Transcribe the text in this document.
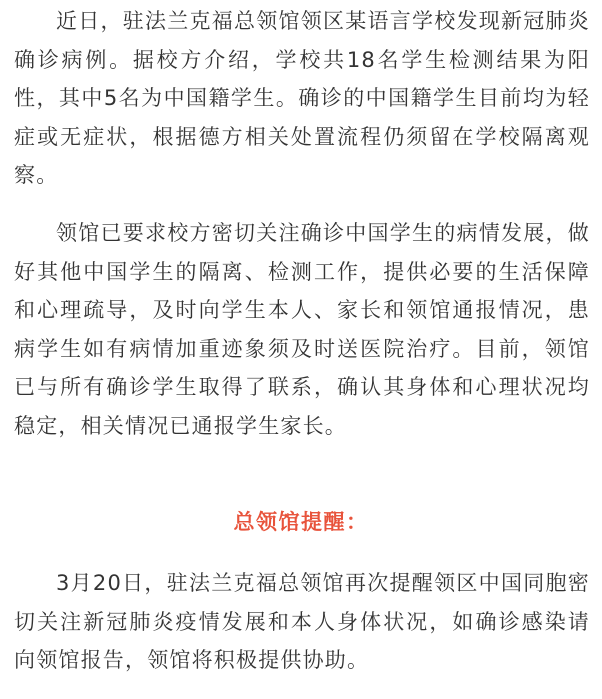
近日，驻法兰克福总领馆领区某语言学校发现新冠肺炎确诊病例。据校方介绍，学校共18名学生检测结果为阳性，其中5名为中国籍学生。确诊的中国籍学生目前均为轻症或无症状，根据德方相关处置流程仍须留在学校隔离观察。

领馆已要求校方密切关注确诊中国学生的病情发展，做好其他中国学生的隔离、检测工作，提供必要的生活保障和心理疏导，及时向学生本人、家长和领馆通报情况，患病学生如有病情加重迹象须及时送医院治疗。目前，领馆已与所有确诊学生取得了联系，确认其身体和心理状况均稳定，相关情况已通报学生家长。

总领馆提醒：

3月20日，驻法兰克福总领馆再次提醒领区中国同胞密切关注新冠肺炎疫情发展和本人身体状况，如确诊感染请向领馆报告，领馆将积极提供协助。
